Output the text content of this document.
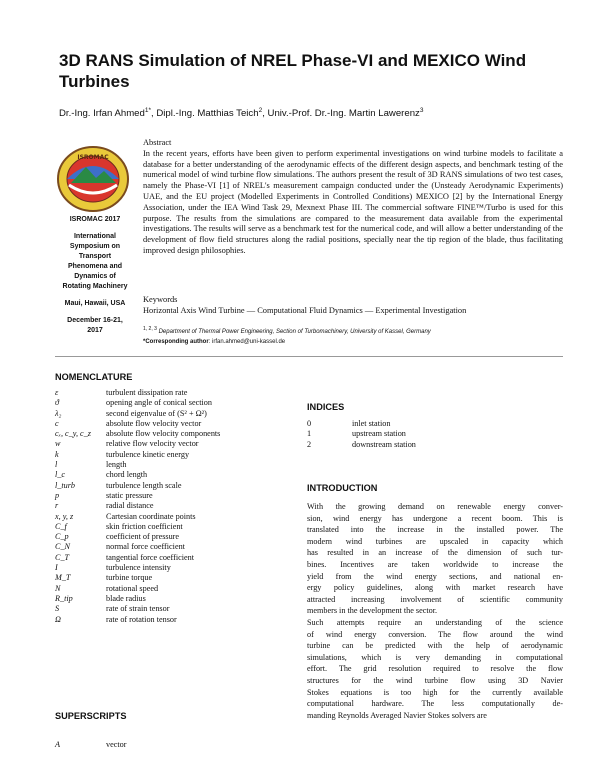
3D RANS Simulation of NREL Phase-VI and MEXICO Wind Turbines
Dr.-Ing. Irfan Ahmed$^{1*}$, Dipl.-Ing. Matthias Teich$^2$, Univ.-Prof. Dr.-Ing. Martin Lawerenz$^3$
ISROMAC
ISROMAC 2017
International
Symposium on
Transport
Phenomena and
Dynamics of
Rotating Machinery
Maui, Hawaii, USA
December 16-21,
2017
Abstract
In the recent years, efforts have been given to perform experimental investigations on wind turbine models to facilitate a database for a better understanding of the aerodynamic effects of the different design aspects, and benchmark testing of the numerical model of wind turbine flow simulations. The authors present the result of 3D RANS simulations of two test cases, namely the Phase-VI [1] of NREL's measurement campaign conducted under the (Unsteady Aerodynamic Experiments) UAE, and the EU project (Modelled Experiments in Controlled Conditions) MEXICO [2] by the International Energy Association, under the IEA Wind Task 29, Mexnext Phase III. The commercial software FINE™/Turbo is used for this purpose. The results from the simulations are compared to the measurement data available from the experimental investigations. The results will serve as a benchmark test for the numerical code, and will allow a better understanding of the development of flow field structures along the radial positions, specially near the tip region of the blade, thus facilitating improved design philosophies.
Keywords
Horizontal Axis Wind Turbine — Computational Fluid Dynamics — Experimental Investigation
$^{1, 2, 3}$ Department of Thermal Power Engineering, Section of Turbomachinery, University of Kassel, Germany
*Corresponding author: irfan.ahmed@uni-kassel.de
NOMENCLATURE
ε	turbulent dissipation rate
ϑ	opening angle of conical section
λ₂	second eigenvalue of (S² + Ω²)
c⃗	absolute flow velocity vector
cₓ, c_y, c_z	absolute flow velocity components
w⃗	relative flow velocity vector
k	turbulence kinetic energy
l	length
l_c	chord length
l_turb	turbulence length scale
p	static pressure
r	radial distance
x, y, z	Cartesian coordinate points
C_f	skin friction coefficient
C_p	coefficient of pressure
C_N	normal force coefficient
C_T	tangential force coefficient
I	turbulence intensity
M_T	turbine torque
N	rotational speed
R_tip	blade radius
S	rate of strain tensor
Ω	rate of rotation tensor
SUPERSCRIPTS
A⃗	vector
INDICES
0	inlet station
1	upstream station
2	downstream station
INTRODUCTION
With the growing demand on renewable energy conver-
sion, wind energy has undergone a recent boom. This is
translated into the increase in the installed power. The
modern wind turbines are upscaled in capacity which
has resulted in an increase of the dimension of such tur-
bines. Incentives are taken worldwide to increase the
yield from the wind energy sections, and national en-
ergy policy guidelines, along with market research have
attracted increasing involvement of scientific community
members in the development the sector.
Such attempts require an understanding of the science
of wind energy conversion. The flow around the wind
turbine can be predicted with the help of aerodynamic
simulations, which is very demanding in computational
effort. The grid resolution required to resolve the flow
structures for the wind turbine flow using 3D Navier
Stokes equations is too high for the currently available
computational hardware. The less computationally de-
manding Reynolds Averaged Navier Stokes solvers are
